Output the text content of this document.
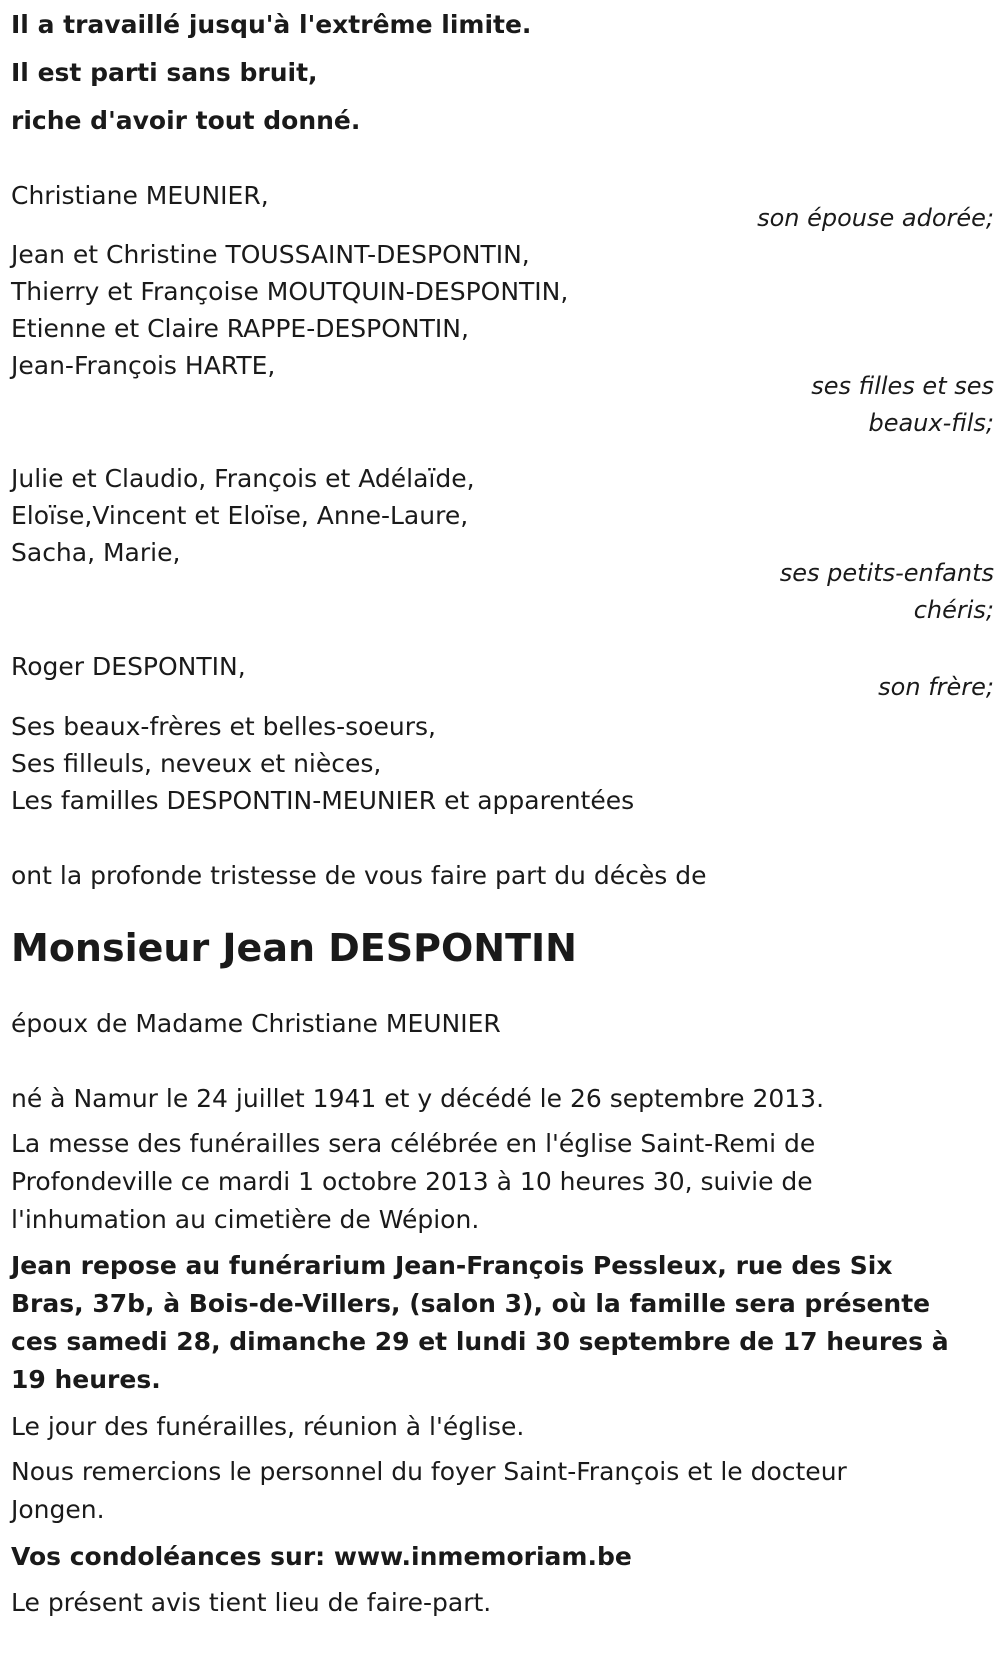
Il a travaillé jusqu'à l'extrême limite.
Il est parti sans bruit,
riche d'avoir tout donné.
Christiane MEUNIER,
son épouse adorée;
Jean et Christine TOUSSAINT-DESPONTIN,
Thierry et Françoise MOUTQUIN-DESPONTIN,
Etienne et Claire RAPPE-DESPONTIN,
Jean-François HARTE,
ses filles et ses
beaux-fils;
Julie et Claudio, François et Adélaïde,
Eloïse,Vincent et Eloïse, Anne-Laure,
Sacha, Marie,
ses petits-enfants
chéris;
Roger DESPONTIN,
son frère;
Ses beaux-frères et belles-soeurs,
Ses filleuls, neveux et nièces,
Les familles DESPONTIN-MEUNIER et apparentées
ont la profonde tristesse de vous faire part du décès de
Monsieur Jean DESPONTIN
époux de Madame Christiane MEUNIER
né à Namur le 24 juillet 1941 et y décédé le 26 septembre 2013.
La messe des funérailles sera célébrée en l'église Saint-Remi de Profondeville ce mardi 1 octobre 2013 à 10 heures 30, suivie de l'inhumation au cimetière de Wépion.
Jean repose au funérarium Jean-François Pessleux, rue des Six Bras, 37b, à Bois-de-Villers, (salon 3), où la famille sera présente ces samedi 28, dimanche 29 et lundi 30 septembre de 17 heures à 19 heures.
Le jour des funérailles, réunion à l'église.
Nous remercions le personnel du foyer Saint-François et le docteur Jongen.
Vos condoléances sur: www.inmemoriam.be
Le présent avis tient lieu de faire-part.
